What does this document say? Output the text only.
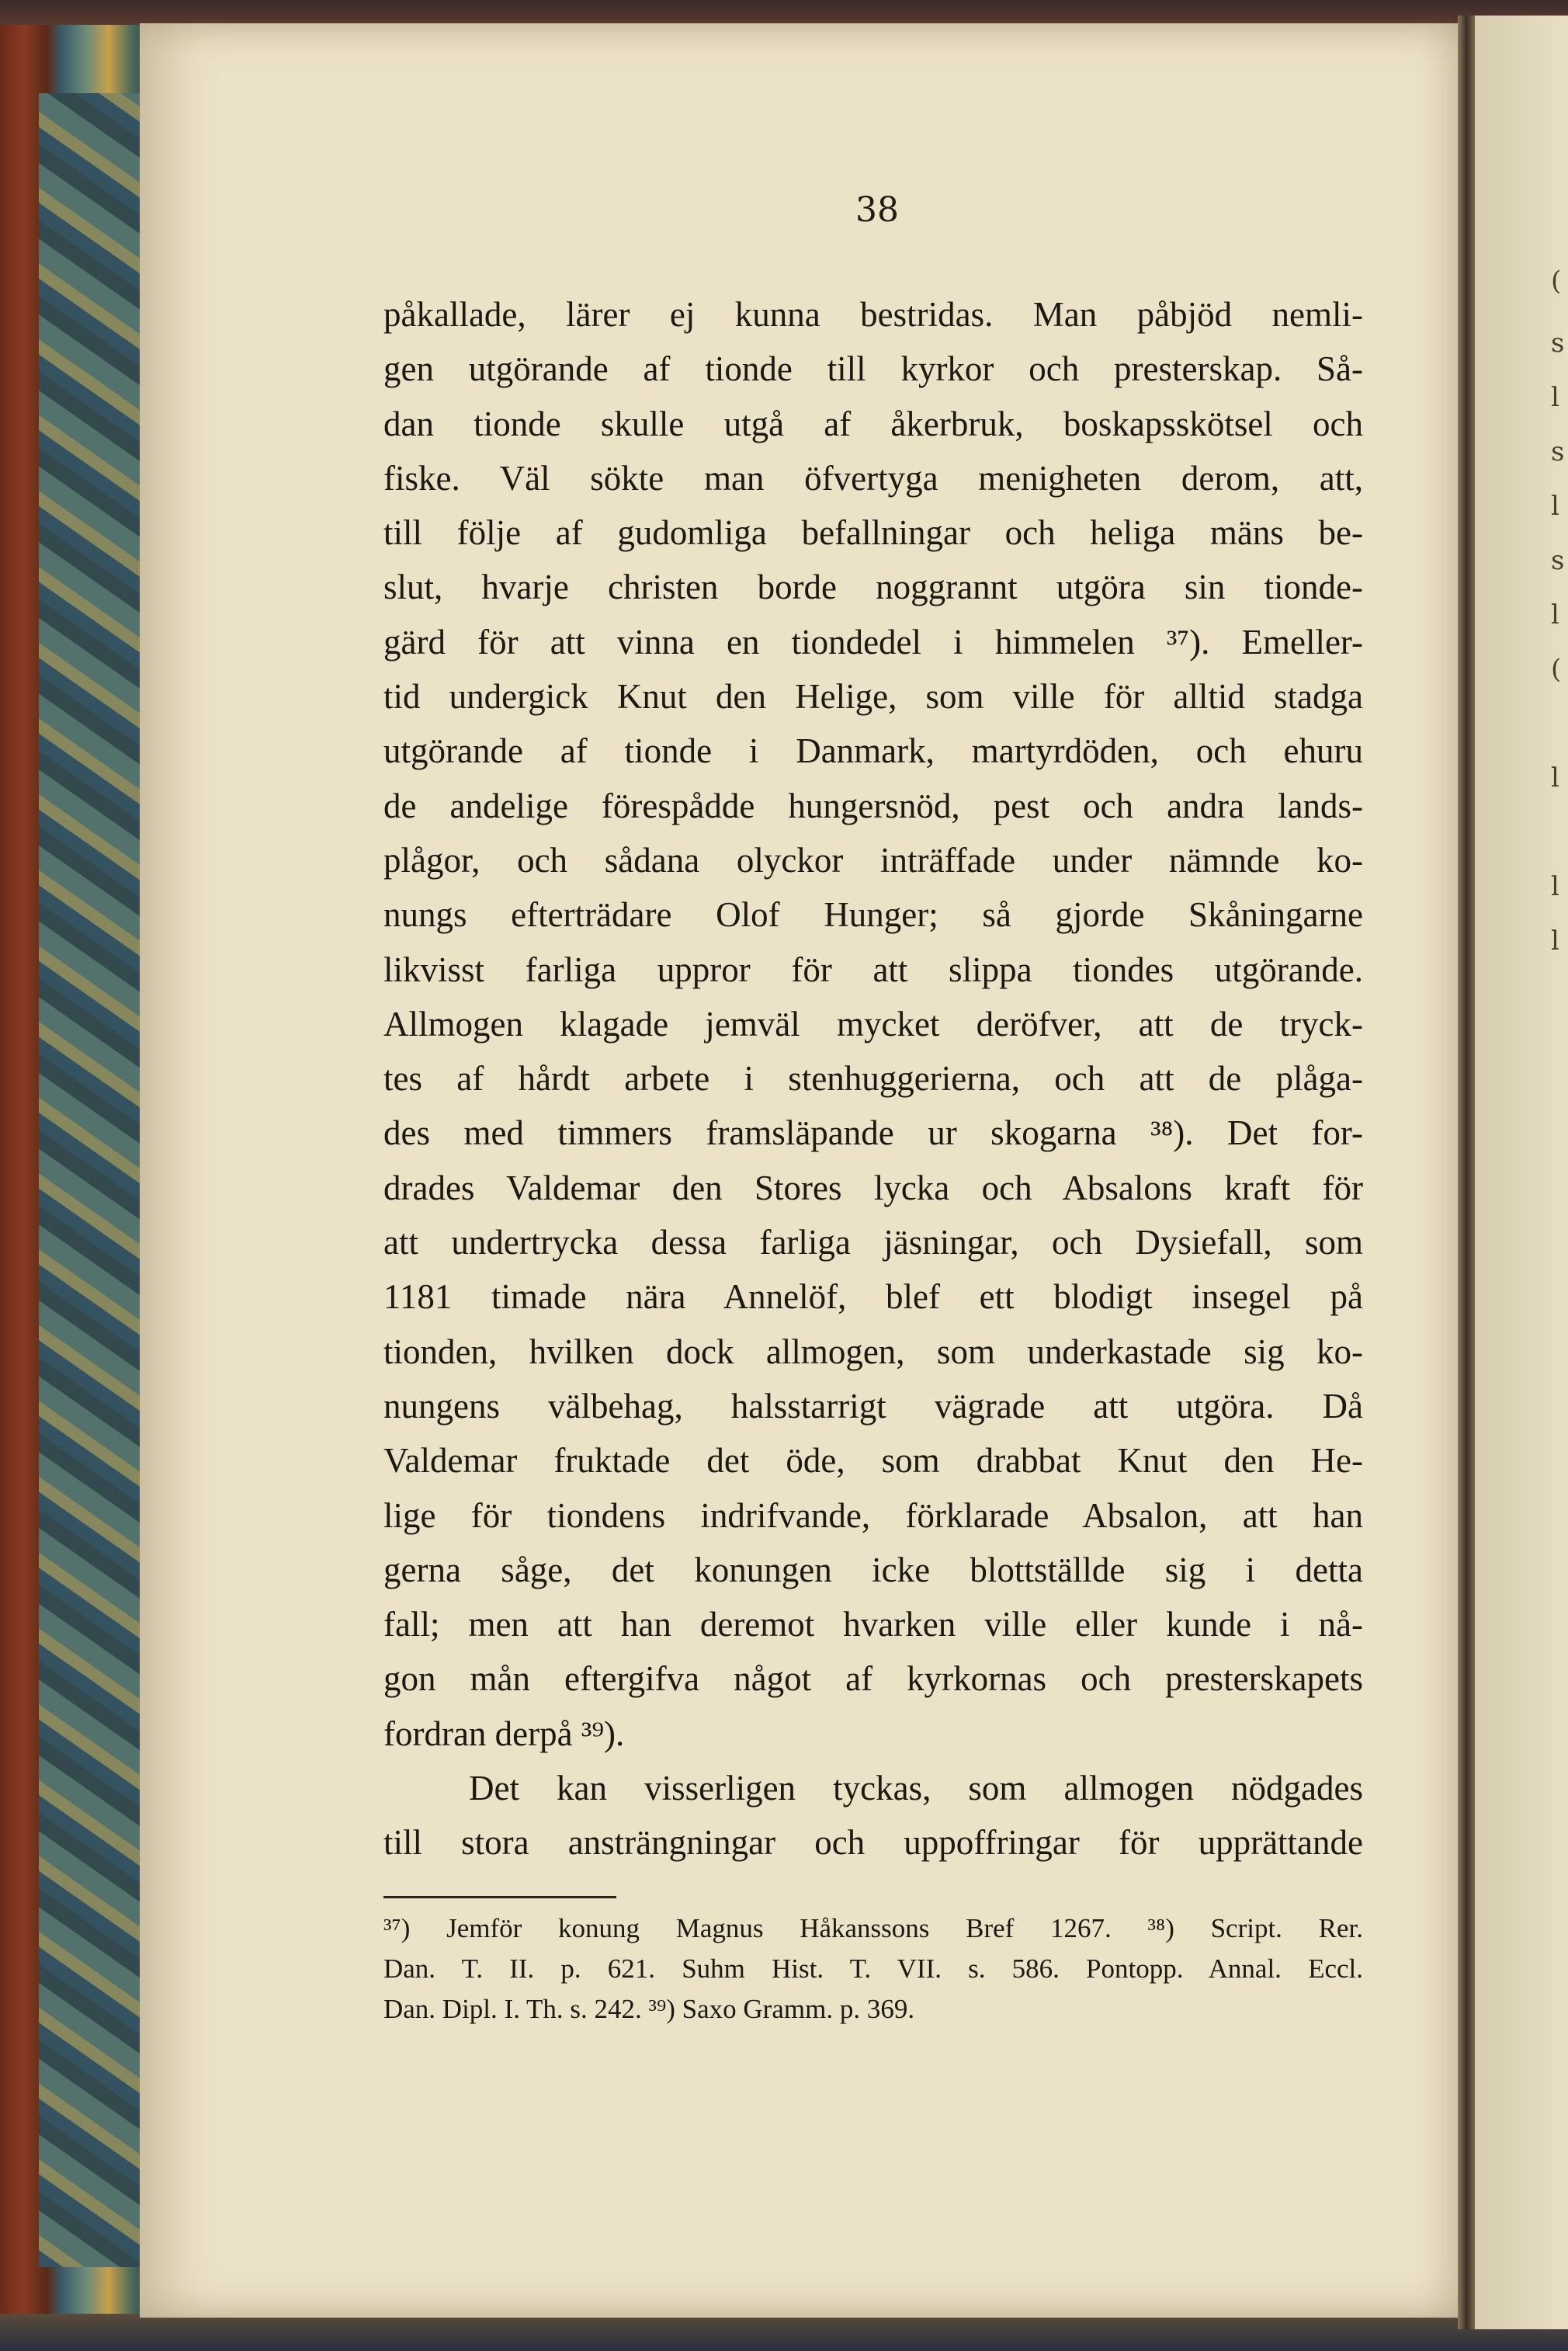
(
s
l
s
l
s
l
(
l
l
l
38
påkallade, lärer ej kunna bestridas. Man påbjöd nemli-
gen utgörande af tionde till kyrkor och presterskap. Så-
dan tionde skulle utgå af åkerbruk, boskapsskötsel och
fiske. Väl sökte man öfvertyga menigheten derom, att,
till följe af gudomliga befallningar och heliga mäns be-
slut, hvarje christen borde noggrannt utgöra sin tionde-
gärd för att vinna en tiondedel i himmelen ³⁷). Emeller-
tid undergick Knut den Helige, som ville för alltid stadga
utgörande af tionde i Danmark, martyrdöden, och ehuru
de andelige förespådde hungersnöd, pest och andra lands-
plågor, och sådana olyckor inträffade under nämnde ko-
nungs efterträdare Olof Hunger; så gjorde Skåningarne
likvisst farliga uppror för att slippa tiondes utgörande.
Allmogen klagade jemväl mycket deröfver, att de tryck-
tes af hårdt arbete i stenhuggerierna, och att de plåga-
des med timmers framsläpande ur skogarna ³⁸). Det for-
drades Valdemar den Stores lycka och Absalons kraft för
att undertrycka dessa farliga jäsningar, och Dysiefall, som
1181 timade nära Annelöf, blef ett blodigt insegel på
tionden, hvilken dock allmogen, som underkastade sig ko-
nungens välbehag, halsstarrigt vägrade att utgöra. Då
Valdemar fruktade det öde, som drabbat Knut den He-
lige för tiondens indrifvande, förklarade Absalon, att han
gerna såge, det konungen icke blottställde sig i detta
fall; men att han deremot hvarken ville eller kunde i nå-
gon mån eftergifva något af kyrkornas och presterskapets
fordran derpå ³⁹).
Det kan visserligen tyckas, som allmogen nödgades
till stora ansträngningar och uppoffringar för upprättande
³⁷) Jemför konung Magnus Håkanssons Bref 1267. ³⁸) Script. Rer.
Dan. T. II. p. 621. Suhm Hist. T. VII. s. 586. Pontopp. Annal. Eccl.
Dan. Dipl. I. Th. s. 242. ³⁹) Saxo Gramm. p. 369.
